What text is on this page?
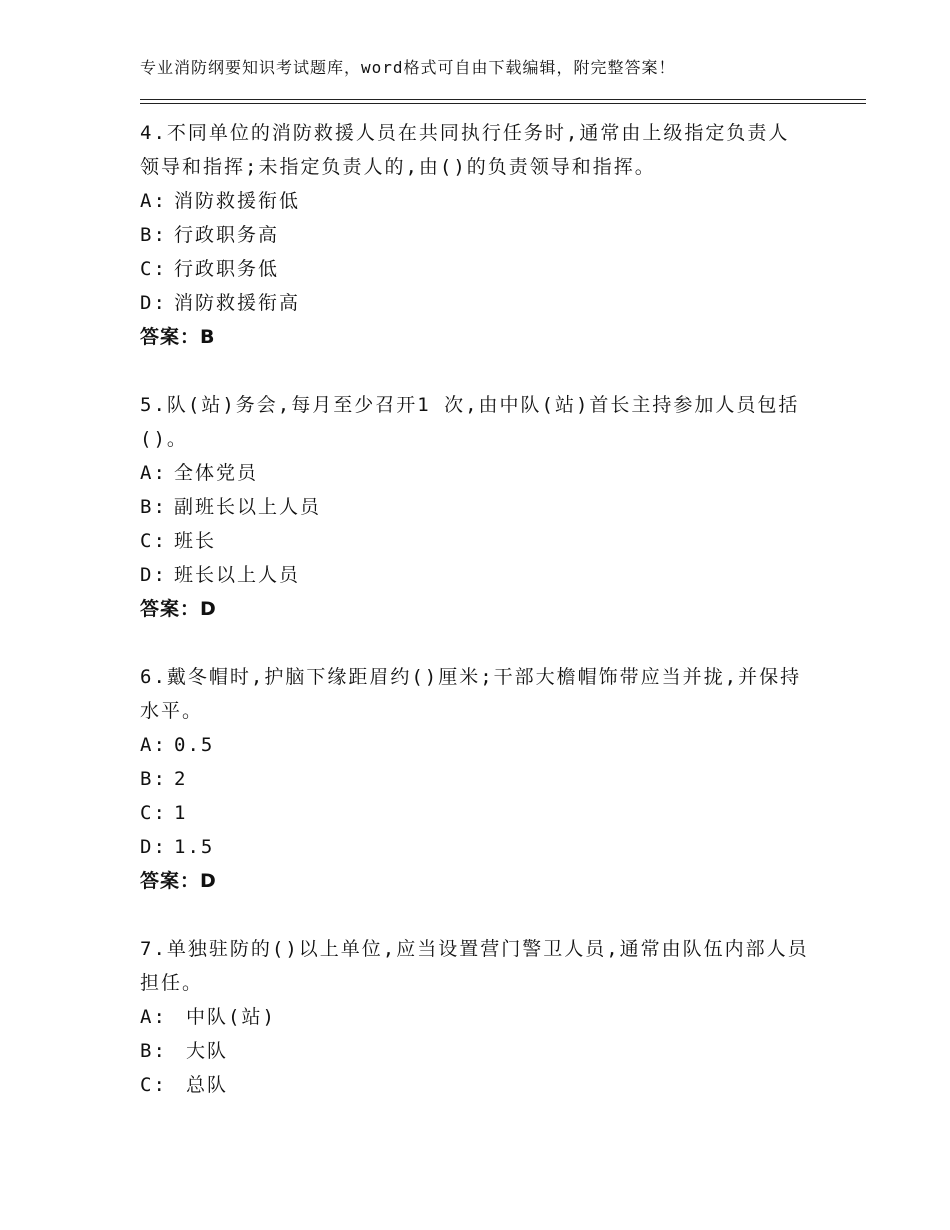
专业消防纲要知识考试题库，word格式可自由下载编辑，附完整答案！

4.不同单位的消防救援人员在共同执行任务时,通常由上级指定负责人领导和指挥;未指定负责人的,由()的负责领导和指挥。

A: 消防救援衔低
B: 行政职务高
C: 行政职务低
D: 消防救援衔高
答案：B

5.队(站)务会,每月至少召开1 次,由中队(站)首长主持参加人员包括()。

A: 全体党员
B: 副班长以上人员
C: 班长
D: 班长以上人员
答案：D

6.戴冬帽时,护脑下缘距眉约()厘米;干部大檐帽饰带应当并拢,并保持水平。

A: 0.5
B: 2
C: 1
D: 1.5
答案：D

7.单独驻防的()以上单位,应当设置营门警卫人员,通常由队伍内部人员担任。

A: 中队(站)
B: 大队
C: 总队
